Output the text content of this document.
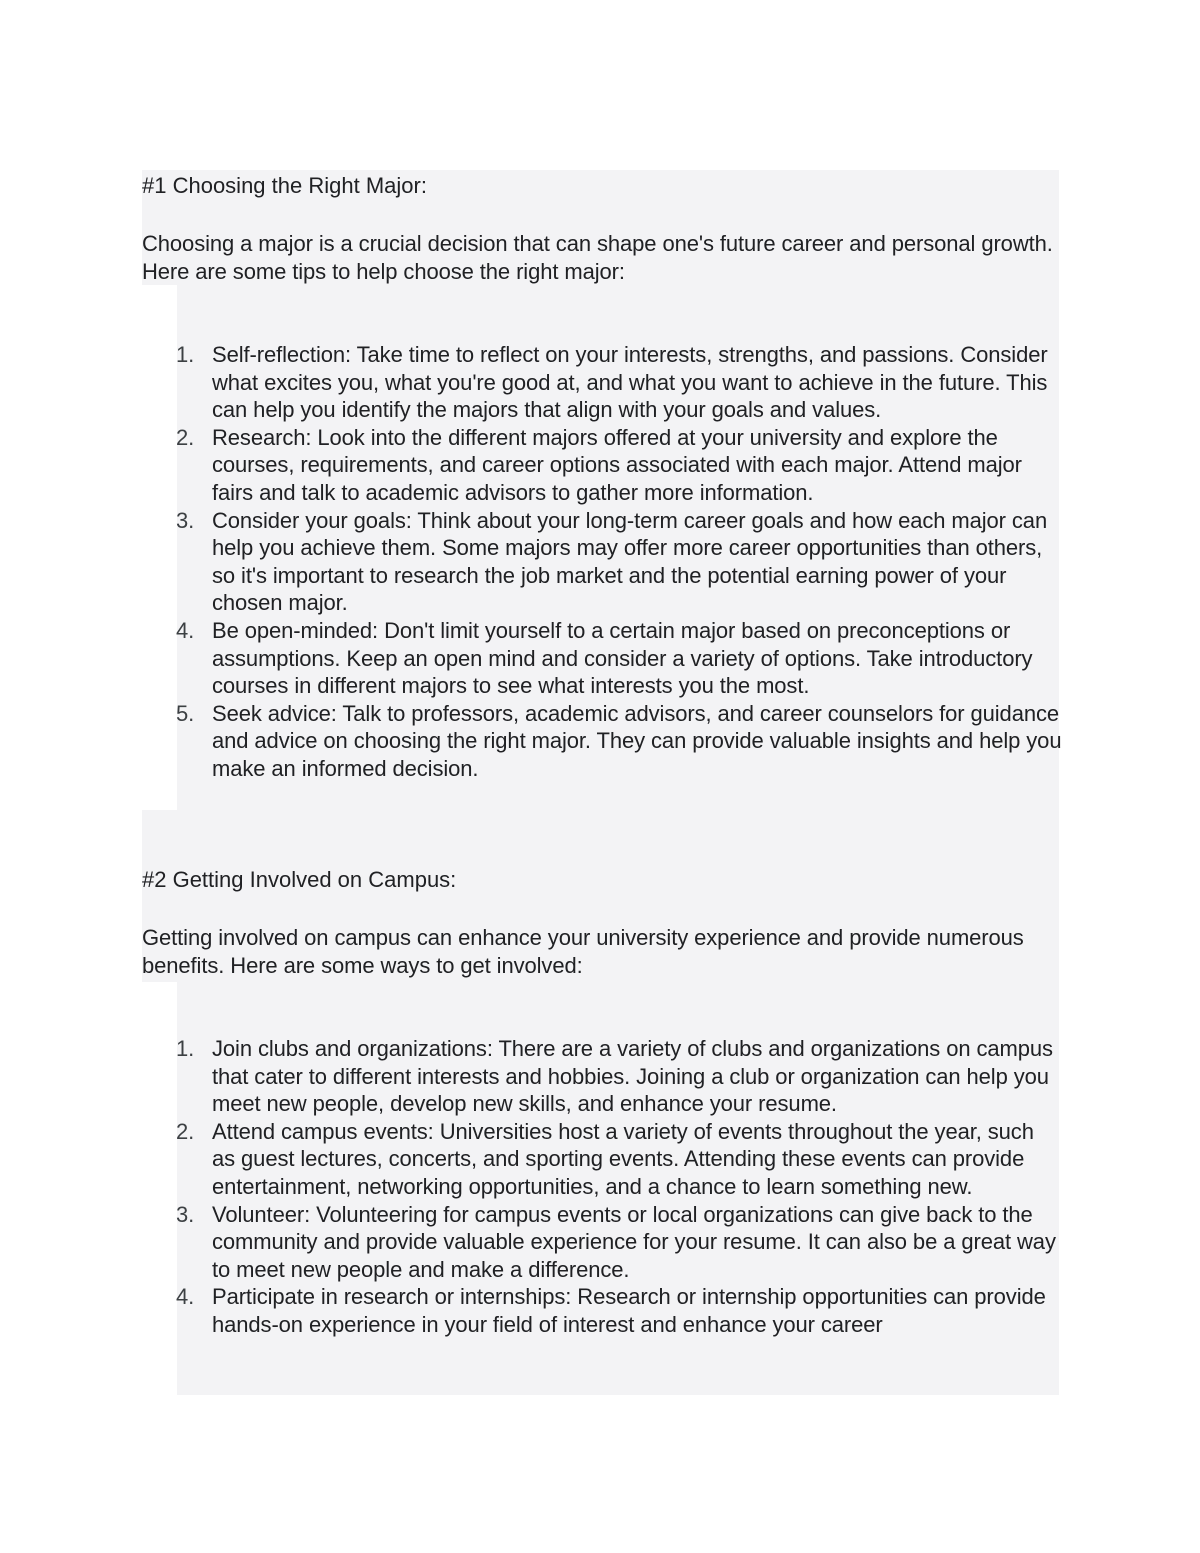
#1 Choosing the Right Major:
Choosing a major is a crucial decision that can shape one's future career and personal growth. Here are some tips to help choose the right major:
1. Self-reflection: Take time to reflect on your interests, strengths, and passions. Consider what excites you, what you're good at, and what you want to achieve in the future. This can help you identify the majors that align with your goals and values.
2. Research: Look into the different majors offered at your university and explore the courses, requirements, and career options associated with each major. Attend major fairs and talk to academic advisors to gather more information.
3. Consider your goals: Think about your long-term career goals and how each major can help you achieve them. Some majors may offer more career opportunities than others, so it's important to research the job market and the potential earning power of your chosen major.
4. Be open-minded: Don't limit yourself to a certain major based on preconceptions or assumptions. Keep an open mind and consider a variety of options. Take introductory courses in different majors to see what interests you the most.
5. Seek advice: Talk to professors, academic advisors, and career counselors for guidance and advice on choosing the right major. They can provide valuable insights and help you make an informed decision.
#2 Getting Involved on Campus:
Getting involved on campus can enhance your university experience and provide numerous benefits. Here are some ways to get involved:
1. Join clubs and organizations: There are a variety of clubs and organizations on campus that cater to different interests and hobbies. Joining a club or organization can help you meet new people, develop new skills, and enhance your resume.
2. Attend campus events: Universities host a variety of events throughout the year, such as guest lectures, concerts, and sporting events. Attending these events can provide entertainment, networking opportunities, and a chance to learn something new.
3. Volunteer: Volunteering for campus events or local organizations can give back to the community and provide valuable experience for your resume. It can also be a great way to meet new people and make a difference.
4. Participate in research or internships: Research or internship opportunities can provide hands-on experience in your field of interest and enhance your career
